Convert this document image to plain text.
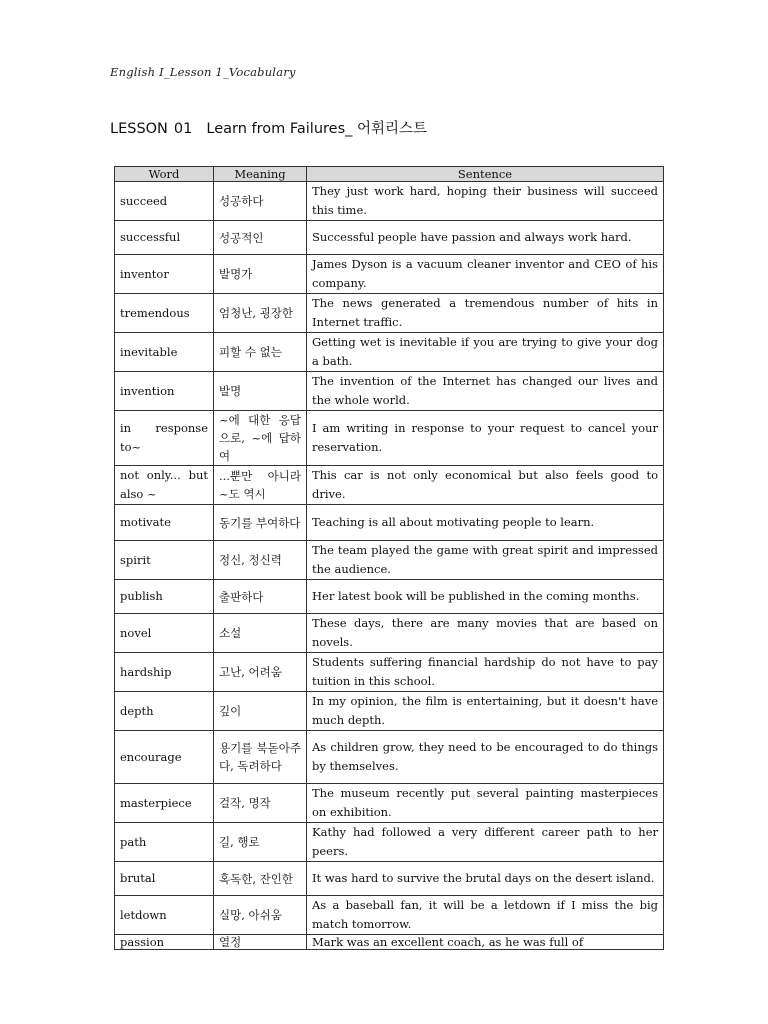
English I_Lesson 1_Vocabulary
LESSON 01 Learn from Failures_ 어휘리스트
Word	Meaning	Sentence
succeed	성공하다	They just work hard, hoping their business will succeed this time.
successful	성공적인	Successful people have passion and always work hard.
inventor	발명가	James Dyson is a vacuum cleaner inventor and CEO of his company.
tremendous	엄청난, 굉장한	The news generated a tremendous number of hits in Internet traffic.
inevitable	피할 수 없는	Getting wet is inevitable if you are trying to give your dog a bath.
invention	발명	The invention of the Internet has changed our lives and the whole world.
in response to~	~에 대한 응답으로, ~에 답하여	I am writing in response to your request to cancel your reservation.
not only... but also ~	...뿐만 아니라 ~도 역시	This car is not only economical but also feels good to drive.
motivate	동기를 부여하다	Teaching is all about motivating people to learn.
spirit	정신, 정신력	The team played the game with great spirit and impressed the audience.
publish	출판하다	Her latest book will be published in the coming months.
novel	소설	These days, there are many movies that are based on novels.
hardship	고난, 어려움	Students suffering financial hardship do not have to pay tuition in this school.
depth	깊이	In my opinion, the film is entertaining, but it doesn't have much depth.
encourage	용기를 북돋아주다, 독려하다	As children grow, they need to be encouraged to do things by themselves.
masterpiece	걸작, 명작	The museum recently put several painting masterpieces on exhibition.
path	길, 행로	Kathy had followed a very different career path to her peers.
brutal	혹독한, 잔인한	It was hard to survive the brutal days on the desert island.
letdown	실망, 아쉬움	As a baseball fan, it will be a letdown if I miss the big match tomorrow.
passion	열정	Mark was an excellent coach, as he was full of
